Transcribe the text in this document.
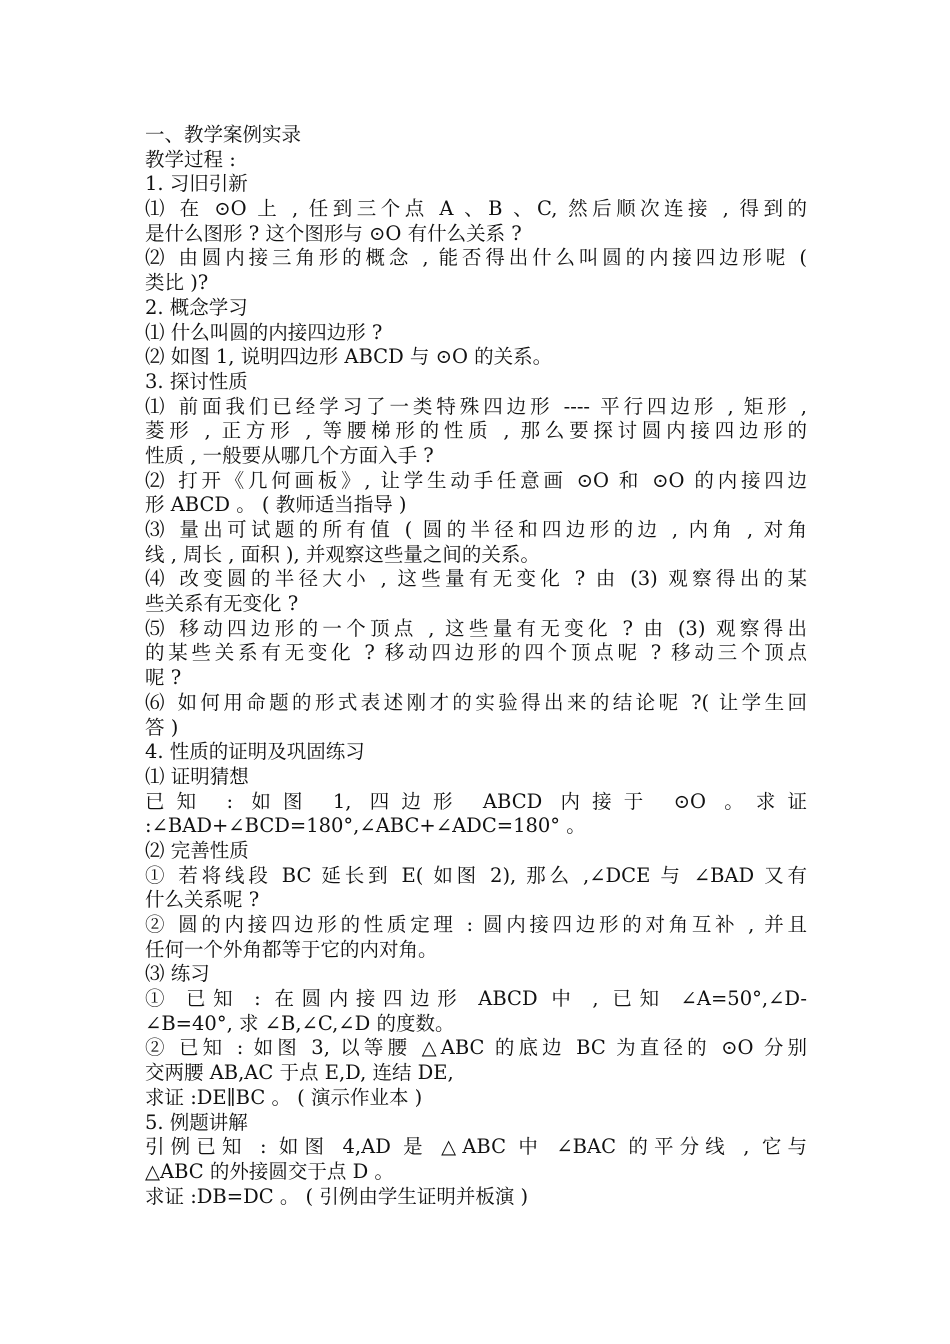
一、教学案例实录
教学过程 :
1. 习旧引新
⑴ 在 ⊙O 上 , 任到三个点 A 、B 、C, 然后顺次连接 , 得到的
是什么图形 ? 这个图形与 ⊙O 有什么关系 ?
⑵ 由圆内接三角形的概念 , 能否得出什么叫圆的内接四边形呢 (
类比 )?
2. 概念学习
⑴ 什么叫圆的内接四边形 ?
⑵ 如图 1, 说明四边形 ABCD 与 ⊙O 的关系。
3. 探讨性质
⑴ 前面我们已经学习了一类特殊四边形 ---- 平行四边形 , 矩形 ,
菱形 , 正方形 , 等腰梯形的性质 , 那么要探讨圆内接四边形的
性质 , 一般要从哪几个方面入手 ?
⑵ 打开《几何画板》, 让学生动手任意画 ⊙O 和 ⊙O 的内接四边
形 ABCD 。 ( 教师适当指导 )
⑶ 量出可试题的所有值 ( 圆的半径和四边形的边 , 内角 , 对角
线 , 周长 , 面积 ), 并观察这些量之间的关系。
⑷ 改变圆的半径大小 , 这些量有无变化 ? 由 (3) 观察得出的某
些关系有无变化 ?
⑸ 移动四边形的一个顶点 , 这些量有无变化 ? 由 (3) 观察得出
的某些关系有无变化 ? 移动四边形的四个顶点呢 ? 移动三个顶点
呢 ?
⑹ 如何用命题的形式表述刚才的实验得出来的结论呢 ?( 让学生回
答 )
4. 性质的证明及巩固练习
⑴ 证明猜想
已知 : 如图 1, 四边形 ABCD 内接于 ⊙O 。求证
:∠BAD+∠BCD=180°,∠ABC+∠ADC=180° 。
⑵ 完善性质
① 若将线段 BC 延长到 E( 如图 2), 那么 ,∠DCE 与 ∠BAD 又有
什么关系呢 ?
② 圆的内接四边形的性质定理 : 圆内接四边形的对角互补 , 并且
任何一个外角都等于它的内对角。
⑶ 练习
① 已知 : 在圆内接四边形 ABCD 中 , 已知 ∠A=50°,∠D-
∠B=40°, 求 ∠B,∠C,∠D 的度数。
② 已知 : 如图 3, 以等腰 △ABC 的底边 BC 为直径的 ⊙O 分别
交两腰 AB,AC 于点 E,D, 连结 DE,
求证 :DE∥BC 。 ( 演示作业本 )
5. 例题讲解
引例已知 : 如图 4,AD 是 △ABC 中 ∠BAC 的平分线 , 它与
△ABC 的外接圆交于点 D 。
求证 :DB=DC 。 ( 引例由学生证明并板演 )
